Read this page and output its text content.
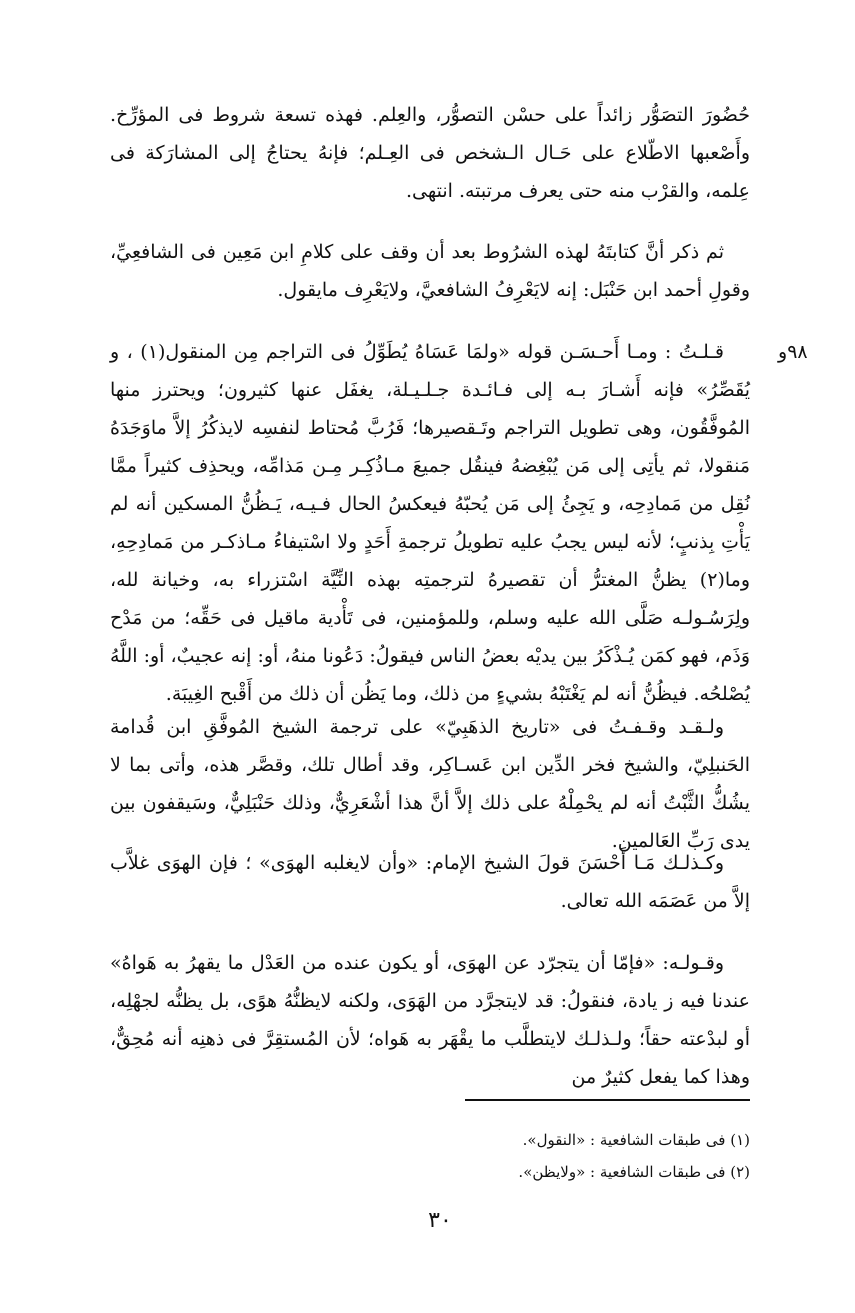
٩٨و

حُضُورَ التصَوُّر زائداً على حسْن التصوُّر، والعِلم. فهذه تسعة شروط فى المؤرِّخ. وأَصْعبها الاطّلاع على حَـال الـشخص فى العِـلم؛ فإنهُ يحتاجُ إلى المشارَكة فى عِلمه، والقرْب منه حتى يعرف مرتبته. انتهى.

ثم ذكر أنَّ كتابتَهُ لهذه الشرُوط بعد أن وقف على كلامِ ابن مَعِين فى الشافعِيِّ، وقولِ أحمد ابن حَنْبَل: إنه لايَعْرِفُ الشافعيَّ، ولايَعْرِف مايقول.

قـلـتُ : ومـا أَحـسَـن قوله «ولمَا عَسَاهُ يُطَوِّلُ فى التراجم مِن المنقول(١) ، و يُقَصِّرُ» فإنه أَشـارَ بـه إلى فـائـدة جـلـيـلة، يغفَل عنها كثيرون؛ ويحترز منها المُوفَّقُون، وهى تطويل التراجم وتَـقصيرها؛ فَرُبَّ مُحتاط لنفسِه لايذكُرُ إلاَّ ماوَجَدَهُ مَنقولا، ثم يأتِى إلى مَن يُبْغِضهُ فينقُل جميعَ مـاذُكِـر مِـن مَذامِّه، ويحذِف كثيراً ممَّا نُقِل من مَمادِحِه، و يَجِئُ إلى مَن يُحبّهُ فيعكسُ الحال فـيـه، يَـظُنُّ المسكين أنه لم يَأْتِ بِذنبٍ؛ لأنه ليس يجبُ عليه تطويلُ ترجمةِ أَحَدٍ ولا اسْتيفاءُ مـاذكـر من مَمادِحِهِ، وما(٢) يظنُّ المغترُّ أن تقصيرهُ لترجمتِه بهذه النِّيَّة اسْتزراء به، وخيانة لله، ولِرَسُـولـه صَلَّى الله عليه وسلم، وللمؤمنين، فى تَأْدية ماقيل فى حَقِّه؛ من مَدْح وَذَم، فهو كمَن يُـذْكَرُ بين يديْه بعضُ الناس فيقولُ: دَعُونا منهُ، أو: إنه عجيبٌ، أو: اللَّهُ يُصْلحُه. فيظُنُّ أنه لم يَغْتَبْهُ بشيءٍ من ذلك، وما يَظُن أن ذلك من أَقْبح الغِيبَة.

ولـقـد وقـفـتُ فى «تاريخ الذهَبِيّ» على ترجمة الشيخ المُوفَّقِ ابن قُدامة الحَنبلِيّ، والشيخ فخر الدِّين ابن عَسـاكِر، وقد أطال تلك، وقصَّر هذه، وأتى بما لا يشُكُّ الثَّبْتُ أنه لم يحْمِلْهُ على ذلك إلاَّ أنَّ هذا أشْعَرِيٌّ، وذلك حَنْبَلِيٌّ، وسَيقفون بين يدى رَبِّ العَالمين.

وكـذلـك مَـا أَحْسَنَ قولَ الشيخ الإمام: «وأن لايغلبه الهوَى» ؛ فإن الهوَى غلاَّب إلاَّ من عَصَمَه الله تعالى.

وقـولـه: «فإمّا أن يتجرّد عن الهوَى، أو يكون عنده من العَدْل ما يقهرُ به هَواهُ» عندنا فيه ز يادة، فنقولُ: قد لايتجرَّد من الهَوَى، ولكنه لايظنُّهُ هوًى، بل يظنُّه لجهْلِه، أو لبدْعته حقاً؛ ولـذلـك لايتطلَّب ما يقْهَر به هَواه؛ لأن المُستقِرَّ فى ذهنِه أنه مُحِقٌّ، وهذا كما يفعل كثيرٌ من

(١) فى طبقات الشافعية : «النقول».

(٢) فى طبقات الشافعية : «ولايظن».

٣٠
